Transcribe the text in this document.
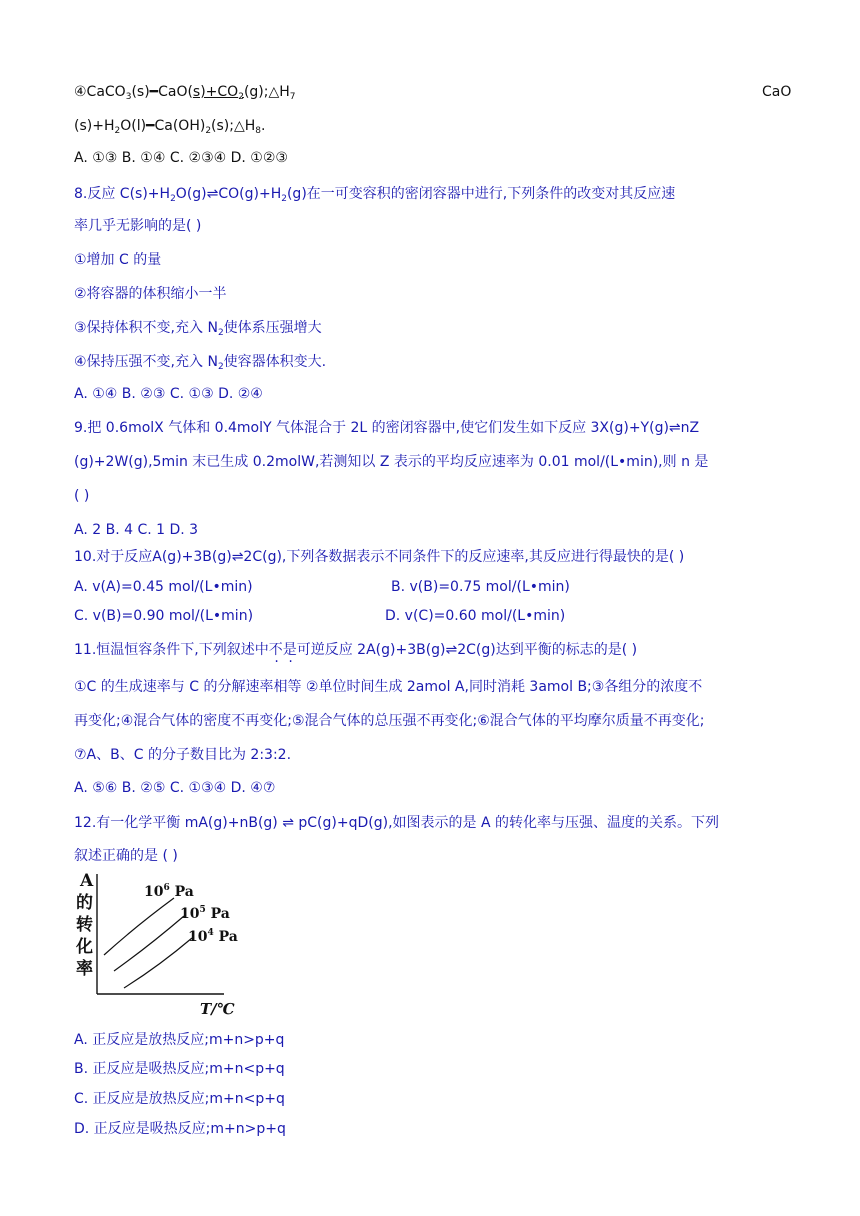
$④CaCO_3(s)━CaO(s)+CO_2(g);\triangle H_7$	CaO
$(s)+H_2O(l)━Ca(OH)_2(s);\triangle H_8$.
A. ①③ B. ①④ C. ②③④ D. ①②③
8.反应 $C(s)+H_2O(g)\rightleftharpoons CO(g)+H_2(g)$在一可变容积的密闭容器中进行,下列条件的改变对其反应速
率几乎无影响的是( )
①增加 C 的量
②将容器的体积缩小一半
③保持体积不变,充入 $N_2$使体系压强增大
④保持压强不变,充入 $N_2$使容器体积变大.
A. ①④ B. ②③ C. ①③ D. ②④
9.把 0.6molX 气体和 0.4molY 气体混合于 2L 的密闭容器中,使它们发生如下反应 3X(g)+Y(g)⇌nZ
(g)+2W(g),5min 末已生成 0.2molW,若测知以 Z 表示的平均反应速率为 0.01 mol/(L•min),则 n 是
( )
A. 2 B. 4 C. 1 D. 3
10.对于反应A(g)+3B(g)⇌2C(g),下列各数据表示不同条件下的反应速率,其反应进行得最快的是( )
A. v(A)=0.45 mol/(L•min)	B. v(B)=0.75 mol/(L•min)
C. v(B)=0.90 mol/(L•min)	D. v(C)=0.60 mol/(L•min)
11.恒温恒容条件下,下列叙述中不是可逆反应 2A(g)+3B(g)⇌2C(g)达到平衡的标志的是( )
①C 的生成速率与 C 的分解速率相等 ②单位时间生成 2amol A,同时消耗 3amol B;③各组分的浓度不
再变化;④混合气体的密度不再变化;⑤混合气体的总压强不再变化;⑥混合气体的平均摩尔质量不再变化;
⑦A、B、C 的分子数目比为 2:3:2.
A. ⑤⑥ B. ②⑤ C. ①③④ D. ④⑦
12.有一化学平衡 mA(g)+nB(g) ⇌ pC(g)+qD(g),如图表示的是 A 的转化率与压强、温度的关系。下列
叙述正确的是 ( )
A
的
转
化
率
$10^6$ Pa
$10^5$ Pa
$10^4$ Pa
T/℃
A. 正反应是放热反应;m+n>p+q
B. 正反应是吸热反应;m+n<p+q
C. 正反应是放热反应;m+n<p+q
D. 正反应是吸热反应;m+n>p+q
